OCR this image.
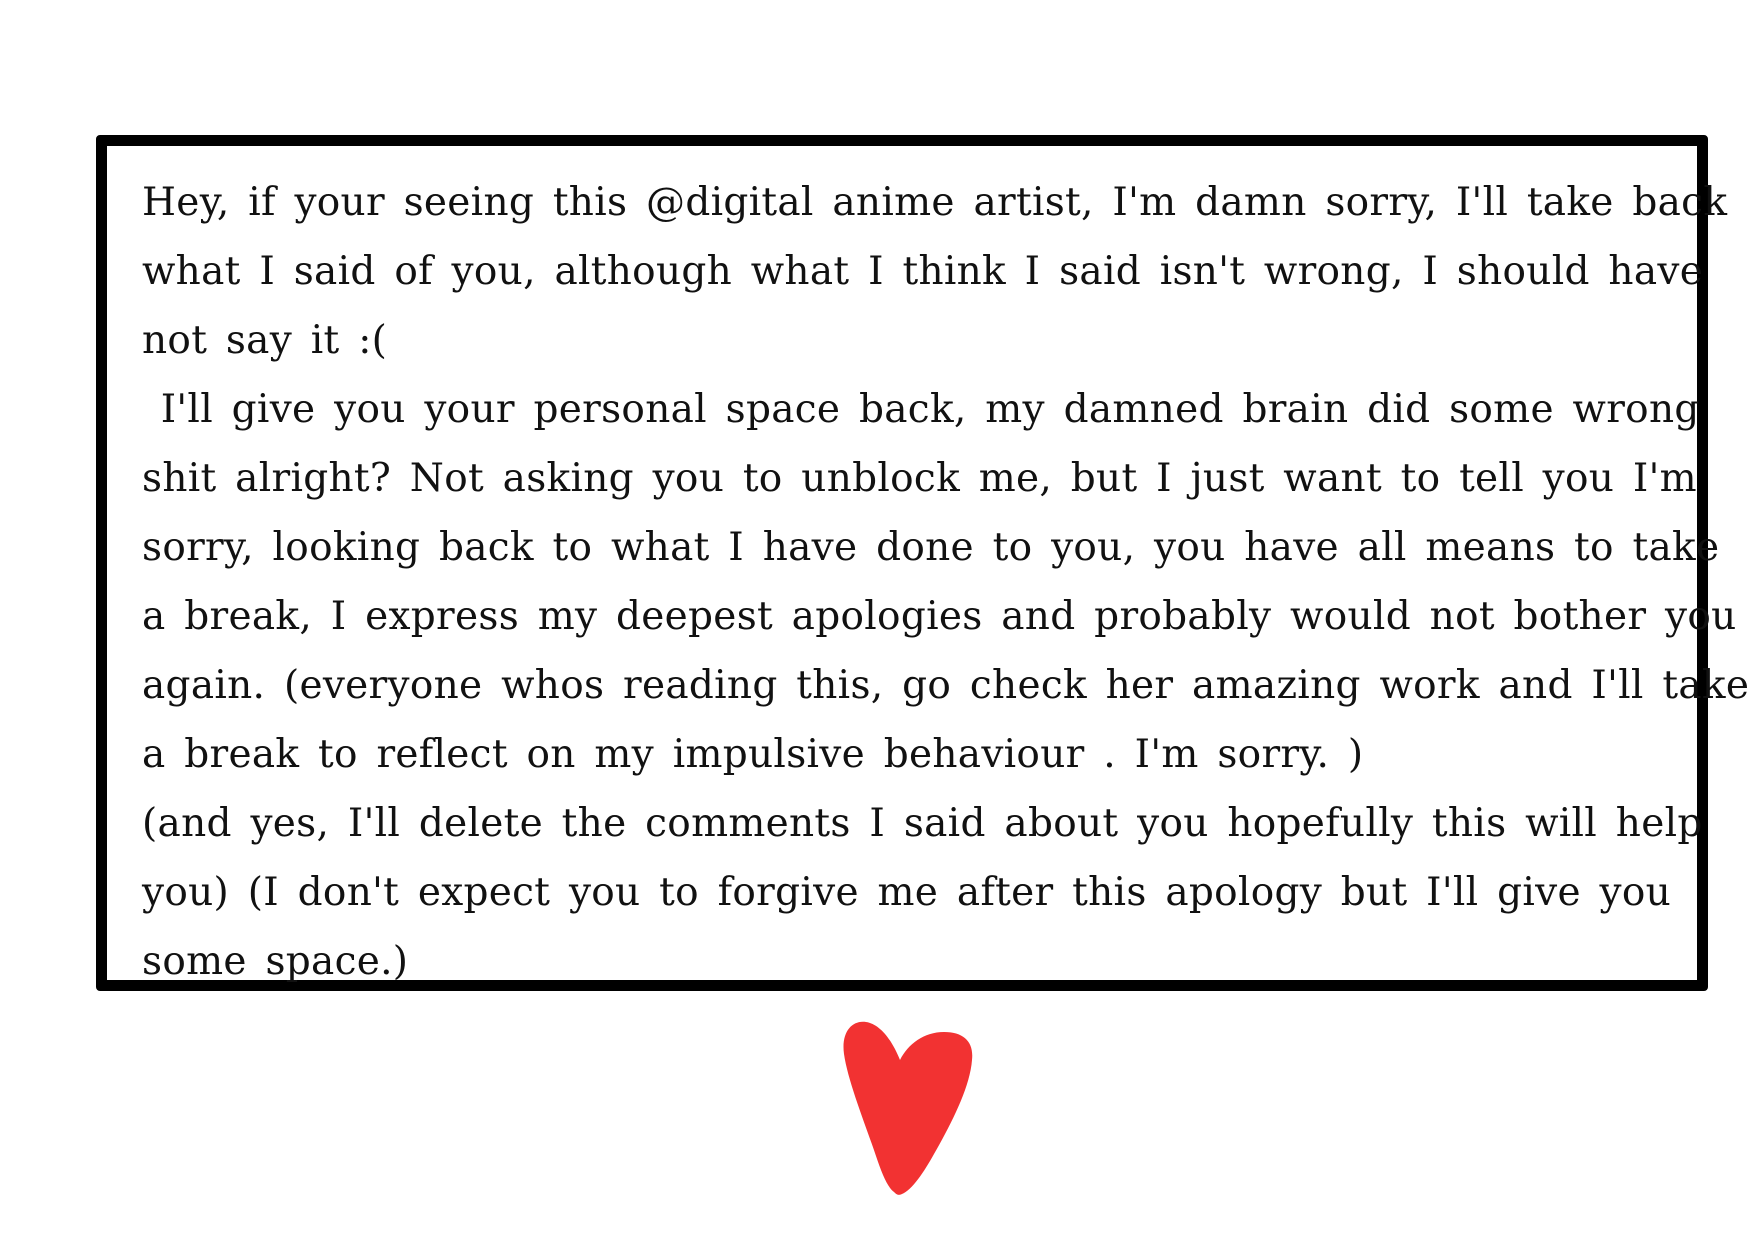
Hey, if your seeing this @digital anime artist, I'm damn sorry, I'll take back
what I said of you, although what I think I said isn't wrong, I should have
not say it :(
I'll give you your personal space back, my damned brain did some wrong
shit alright? Not asking you to unblock me, but I just want to tell you I'm
sorry, looking back to what I have done to you, you have all means to take
a break, I express my deepest apologies and probably would not bother you
again. (everyone whos reading this, go check her amazing work and I'll take
a break to reflect on my impulsive behaviour . I'm sorry. )
(and yes, I'll delete the comments I said about you hopefully this will help
you) (I don't expect you to forgive me after this apology but I'll give you
some space.)
